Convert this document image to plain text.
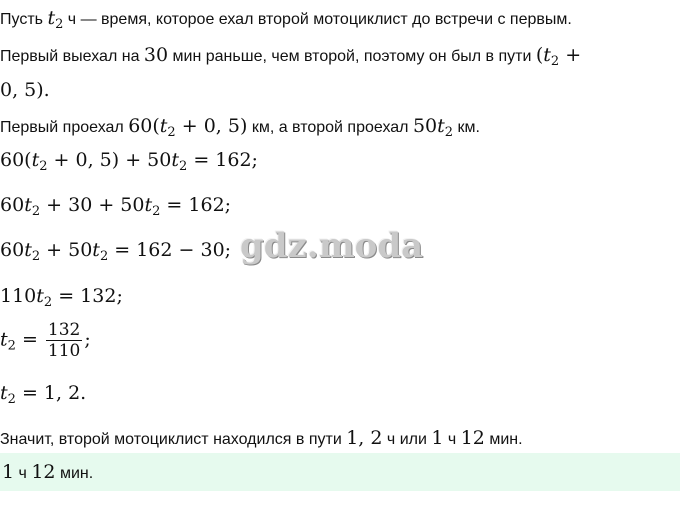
Пусть $t_2$ ч — время, которое ехал второй мотоциклист до встречи с первым.
Первый выехал на 30 мин раньше, чем второй, поэтому он был в пути ($t_2$ +
0, 5).
Первый проехал $60(t_2 + 0$, 5) км, а второй проехал $50t_2$ км.
$60(t_2 + 0$, $5) + 50t_2 = 162$;
$60t_2 + 30 + 50t_2 = 162$;
$60t_2 + 50t_2 = 162 - 30$; gdz.moda
$110t_2 = 132$;
$t_2 = \frac{132}{110}$ ;
$t_2 = 1$, 2.
Значит, второй мотоциклист находился в пути 1, 2 ч или 1 ч 12 мин.
1 ч 12 мин.
